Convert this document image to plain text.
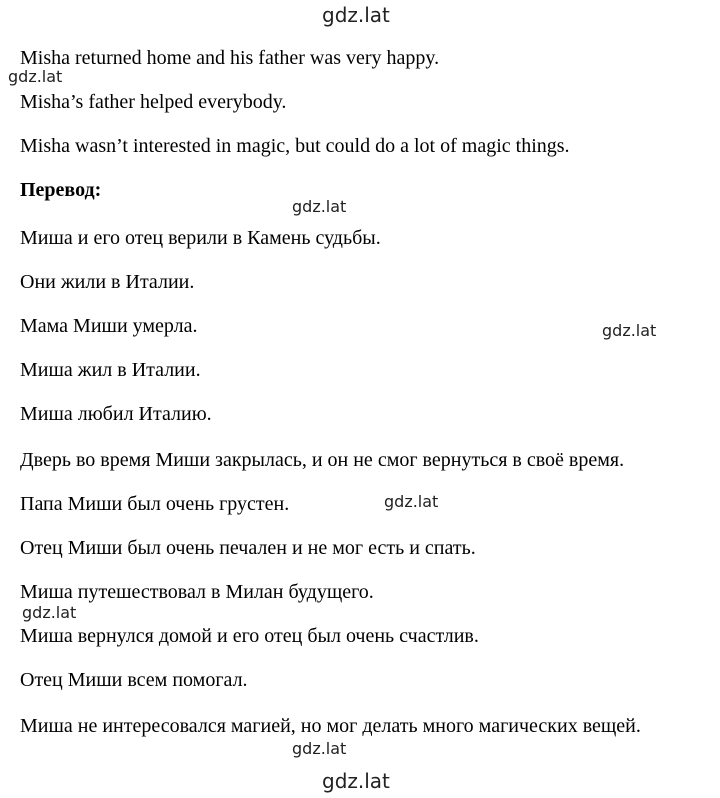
gdz.lat
gdz.lat
gdz.lat
gdz.lat
gdz.lat
gdz.lat
gdz.lat
gdz.lat
Misha returned home and his father was very happy.
Misha’s father helped everybody.
Misha wasn’t interested in magic, but could do a lot of magic things.
Перевод:
Миша и его отец верили в Камень судьбы.
Они жили в Италии.
Мама Миши умерла.
Миша жил в Италии.
Миша любил Италию.
Дверь во время Миши закрылась, и он не смог вернуться в своё время.
Папа Миши был очень грустен.
Отец Миши был очень печален и не мог есть и спать.
Миша путешествовал в Милан будущего.
Миша вернулся домой и его отец был очень счастлив.
Отец Миши всем помогал.
Миша не интересовался магией, но мог делать много магических вещей.
